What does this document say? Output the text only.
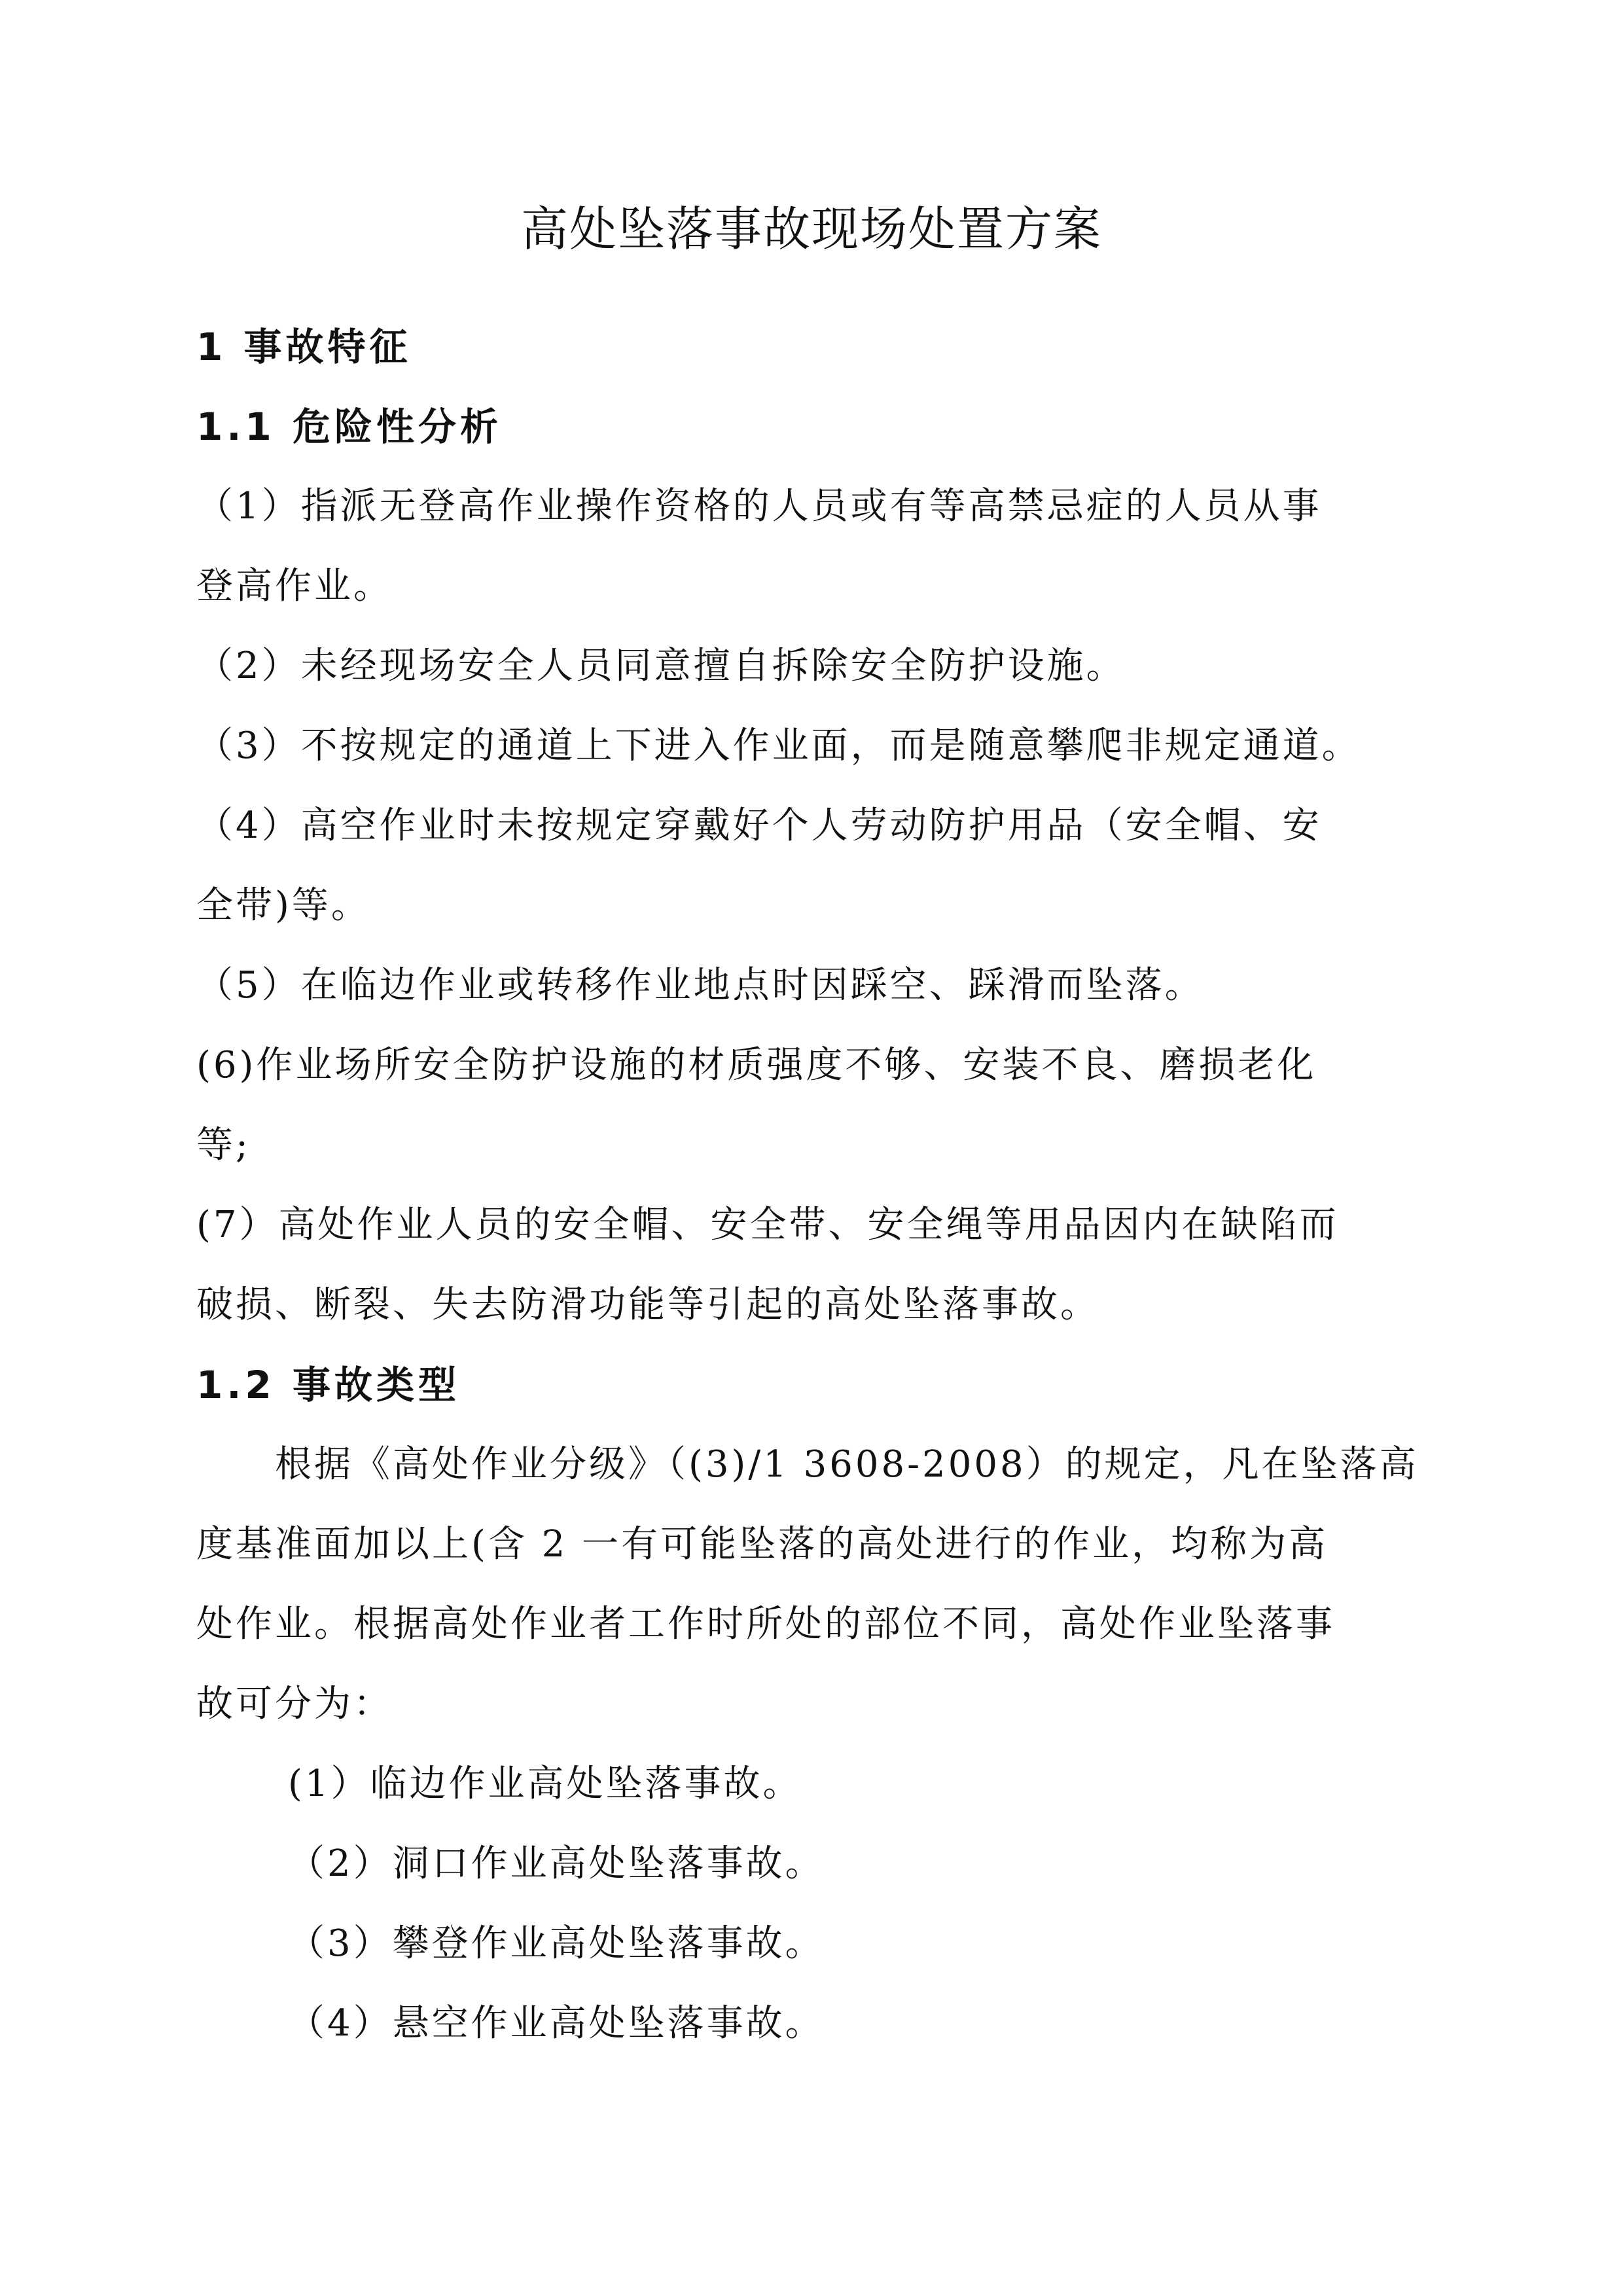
高处坠落事故现场处置方案
1 事故特征
1.1 危险性分析
（1）指派无登高作业操作资格的人员或有等高禁忌症的人员从事
登高作业。
（2）未经现场安全人员同意擅自拆除安全防护设施。
（3）不按规定的通道上下进入作业面，而是随意攀爬非规定通道。
（4）高空作业时未按规定穿戴好个人劳动防护用品（安全帽、安
全带)等。
（5）在临边作业或转移作业地点时因踩空、踩滑而坠落。
(6)作业场所安全防护设施的材质强度不够、安装不良、磨损老化
等;
(7）高处作业人员的安全帽、安全带、安全绳等用品因内在缺陷而
破损、断裂、失去防滑功能等引起的高处坠落事故。
1.2 事故类型
根据《高处作业分级》（(3)/1 3608-2008）的规定，凡在坠落高
度基准面加以上(含 2 一有可能坠落的高处进行的作业，均称为高
处作业。根据高处作业者工作时所处的部位不同，高处作业坠落事
故可分为：
(1）临边作业高处坠落事故。
（2）洞口作业高处坠落事故。
（3）攀登作业高处坠落事故。
（4）悬空作业高处坠落事故。
